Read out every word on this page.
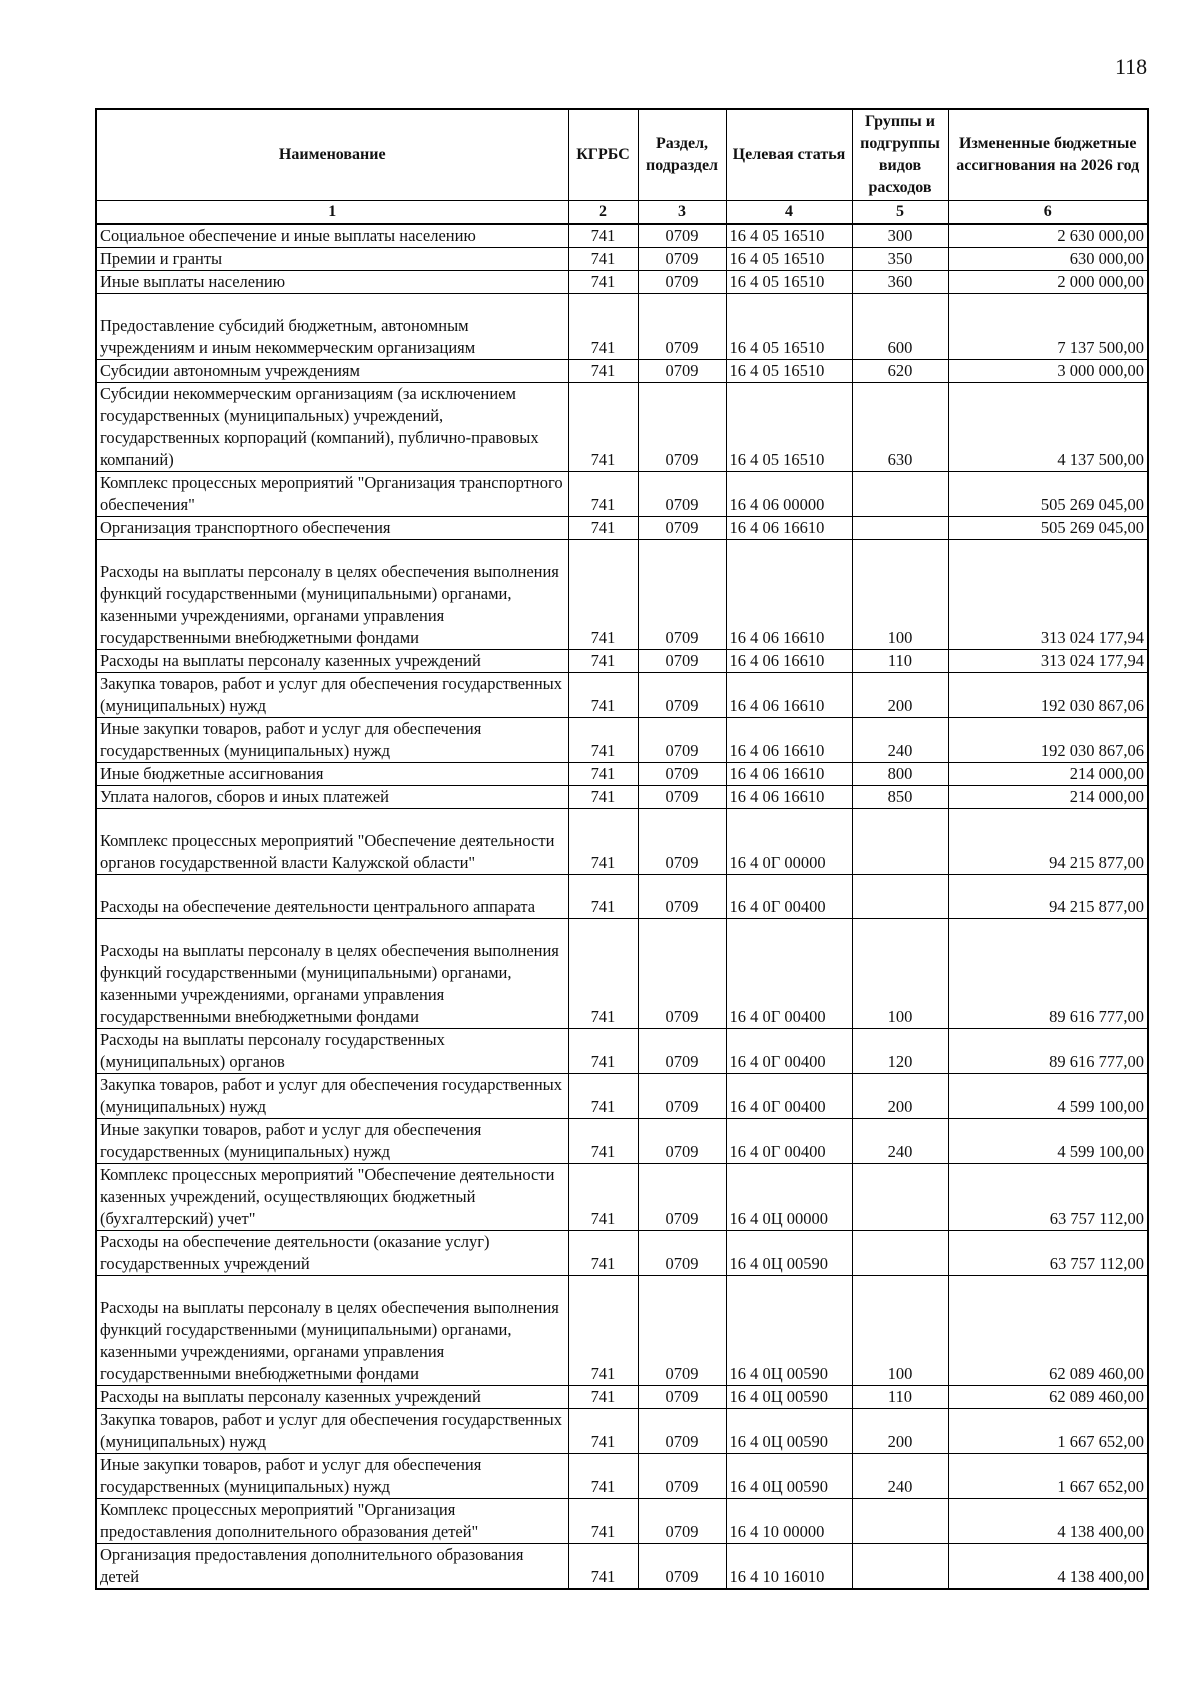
118
Наименование	КГРБС	Раздел, подраздел	Целевая статья	Группы и подгруппы видов расходов	Измененные бюджетные ассигнования на 2026 год
1	2	3	4	5	6
Социальное обеспечение и иные выплаты населению	741	0709	16 4 05 16510	300	2 630 000,00
Премии и гранты	741	0709	16 4 05 16510	350	630 000,00
Иные выплаты населению	741	0709	16 4 05 16510	360	2 000 000,00
Предоставление субсидий бюджетным, автономным учреждениям и иным некоммерческим организациям	741	0709	16 4 05 16510	600	7 137 500,00
Субсидии автономным учреждениям	741	0709	16 4 05 16510	620	3 000 000,00
Субсидии некоммерческим организациям (за исключением государственных (муниципальных) учреждений, государственных корпораций (компаний), публично-правовых компаний)	741	0709	16 4 05 16510	630	4 137 500,00
Комплекс процессных мероприятий "Организация транспортного обеспечения"	741	0709	16 4 06 00000		505 269 045,00
Организация транспортного обеспечения	741	0709	16 4 06 16610		505 269 045,00
Расходы на выплаты персоналу в целях обеспечения выполнения функций государственными (муниципальными) органами, казенными учреждениями, органами управления государственными внебюджетными фондами	741	0709	16 4 06 16610	100	313 024 177,94
Расходы на выплаты персоналу казенных учреждений	741	0709	16 4 06 16610	110	313 024 177,94
Закупка товаров, работ и услуг для обеспечения государственных (муниципальных) нужд	741	0709	16 4 06 16610	200	192 030 867,06
Иные закупки товаров, работ и услуг для обеспечения государственных (муниципальных) нужд	741	0709	16 4 06 16610	240	192 030 867,06
Иные бюджетные ассигнования	741	0709	16 4 06 16610	800	214 000,00
Уплата налогов, сборов и иных платежей	741	0709	16 4 06 16610	850	214 000,00
Комплекс процессных мероприятий "Обеспечение деятельности органов государственной власти Калужской области"	741	0709	16 4 0Г 00000		94 215 877,00
Расходы на обеспечение деятельности центрального аппарата	741	0709	16 4 0Г 00400		94 215 877,00
Расходы на выплаты персоналу в целях обеспечения выполнения функций государственными (муниципальными) органами, казенными учреждениями, органами управления государственными внебюджетными фондами	741	0709	16 4 0Г 00400	100	89 616 777,00
Расходы на выплаты персоналу государственных (муниципальных) органов	741	0709	16 4 0Г 00400	120	89 616 777,00
Закупка товаров, работ и услуг для обеспечения государственных (муниципальных) нужд	741	0709	16 4 0Г 00400	200	4 599 100,00
Иные закупки товаров, работ и услуг для обеспечения государственных (муниципальных) нужд	741	0709	16 4 0Г 00400	240	4 599 100,00
Комплекс процессных мероприятий "Обеспечение деятельности казенных учреждений, осуществляющих бюджетный (бухгалтерский) учет"	741	0709	16 4 0Ц 00000		63 757 112,00
Расходы на обеспечение деятельности (оказание услуг) государственных учреждений	741	0709	16 4 0Ц 00590		63 757 112,00
Расходы на выплаты персоналу в целях обеспечения выполнения функций государственными (муниципальными) органами, казенными учреждениями, органами управления государственными внебюджетными фондами	741	0709	16 4 0Ц 00590	100	62 089 460,00
Расходы на выплаты персоналу казенных учреждений	741	0709	16 4 0Ц 00590	110	62 089 460,00
Закупка товаров, работ и услуг для обеспечения государственных (муниципальных) нужд	741	0709	16 4 0Ц 00590	200	1 667 652,00
Иные закупки товаров, работ и услуг для обеспечения государственных (муниципальных) нужд	741	0709	16 4 0Ц 00590	240	1 667 652,00
Комплекс процессных мероприятий "Организация предоставления дополнительного образования детей"	741	0709	16 4 10 00000		4 138 400,00
Организация предоставления дополнительного образования детей	741	0709	16 4 10 16010		4 138 400,00
